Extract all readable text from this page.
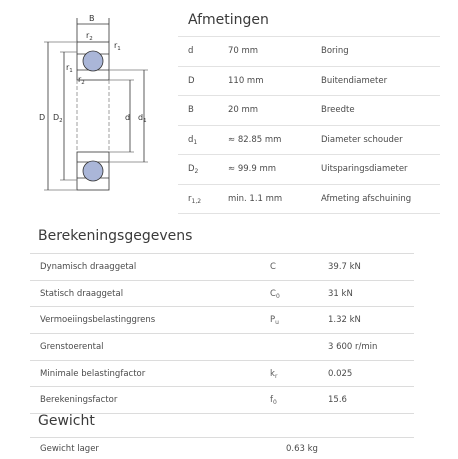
B
$r_2$
$r_1$
$r_1$
$r_2$
D $D_2$	d $d_1$
Afmetingen
d	70 mm	Boring
D	110 mm	Buitendiameter
B	20 mm	Breedte
$d_1$	≈ 82.85 mm	Diameter schouder
$D_2$	≈ 99.9 mm	Uitsparingsdiameter
$r_{1,2}$	min. 1.1 mm	Afmeting afschuining
Berekeningsgegevens
Dynamisch draaggetal	C	39.7 kN
Statisch draaggetal	$C_0$	31 kN
Vermoeiingsbelastinggrens	$P_u$	1.32 kN
Grenstoerental	3 600 r/min
Minimale belastingfactor	$k_r$	0.025
Berekeningsfactor	$f_0$	15.6
Gewicht
Gewicht lager	0.63 kg
